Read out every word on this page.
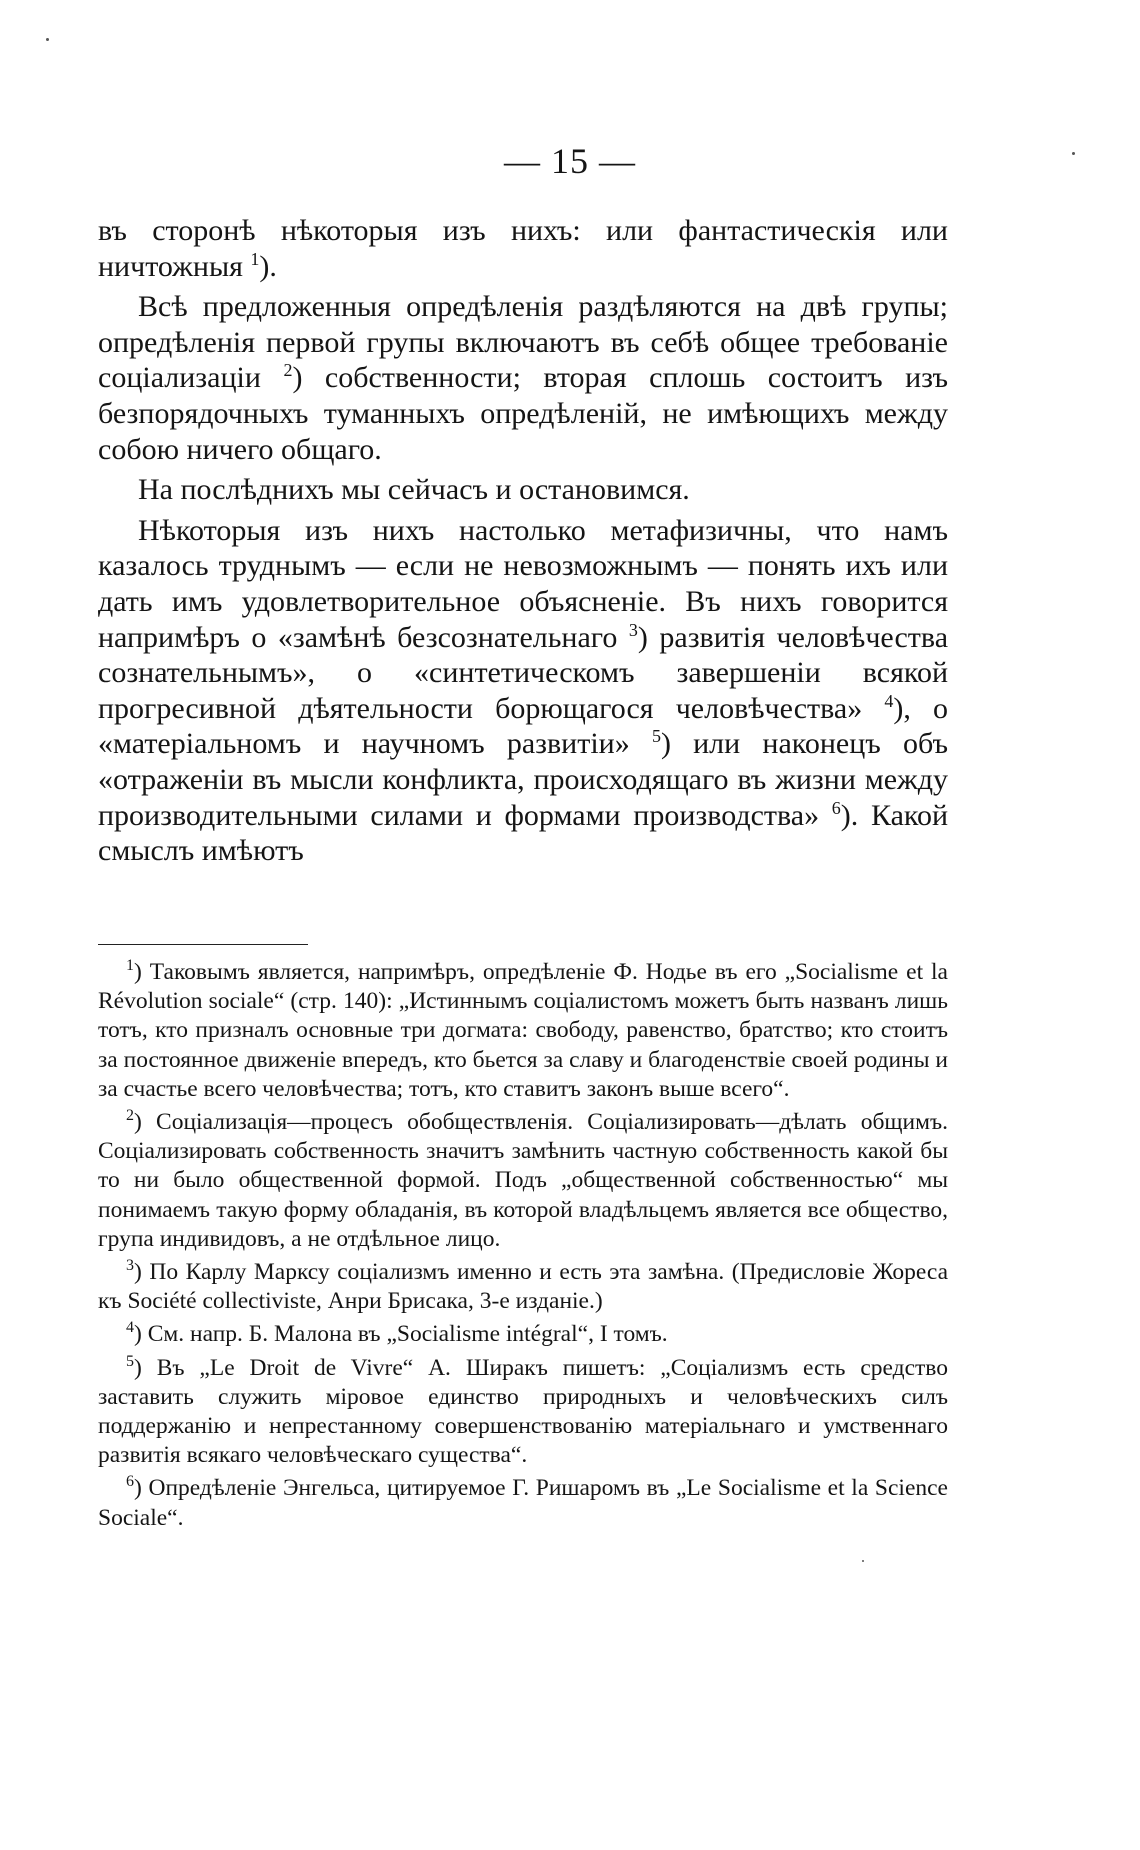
— 15 —

въ сторонѣ нѣкоторыя изъ нихъ: или фантастическія или ничтожныя $^1$).

Всѣ предложенныя опредѣленія раздѣляются на двѣ групы; опредѣленія первой групы включаютъ въ себѣ общее требованіе соціализаціи $^2$) собственности; вторая сплошь состоитъ изъ безпорядочныхъ туманныхъ опредѣленій, не имѣющихъ между собою ничего общаго.

На послѣднихъ мы сейчасъ и остановимся.

Нѣкоторыя изъ нихъ настолько метафизичны, что намъ казалось труднымъ — если не невозможнымъ — понять ихъ или дать имъ удовлетворительное объясненіе. Въ нихъ говорится напримѣръ о «замѣнѣ безсознательнаго $^3$) развитія человѣчества сознательнымъ», о «синтетическомъ завершеніи всякой прогресивной дѣятельности борющагося человѣчества» $^4$), о «матеріальномъ и научномъ развитіи» $^5$) или наконецъ объ «отраженіи въ мысли конфликта, происходящаго въ жизни между производительными силами и формами производства» $^6$). Какой смыслъ имѣютъ

$^1$) Таковымъ является, напримѣръ, опредѣленіе Ф. Нодье въ его „Socialisme et la Révolution sociale“ (стр. 140): „Истиннымъ соціалистомъ можетъ быть названъ лишь тотъ, кто призналъ основные три догмата: свободу, равенство, братство; кто стоитъ за постоянное движеніе впередъ, кто бьется за славу и благоденствіе своей родины и за счастье всего человѣчества; тотъ, кто ставитъ законъ выше всего“.

$^2$) Соціализація—процесъ обобществленія. Соціализировать—дѣлать общимъ. Соціализировать собственность значитъ замѣнить частную собственность какой бы то ни было общественной формой. Подъ „общественной собственностью“ мы понимаемъ такую форму обладанія, въ которой владѣльцемъ является все общество, група индивидовъ, а не отдѣльное лицо.

$^3$) По Карлу Марксу соціализмъ именно и есть эта замѣна. (Предисловіе Жореса къ Société collectiviste, Анри Брисака, 3-е изданіе.)

$^4$) См. напр. Б. Малона въ „Socialisme intégral“, I томъ.

$^5$) Въ „Le Droit de Vivre“ А. Ширакъ пишетъ: „Соціализмъ есть средство заставить служить міровое единство природныхъ и человѣческихъ силъ поддержанію и непрестанному совершенствованію матеріальнаго и умственнаго развитія всякаго человѣческаго существа“.

$^6$) Опредѣленіе Энгельса, цитируемое Г. Ришаромъ въ „Le Socialisme et la Science Sociale“.
